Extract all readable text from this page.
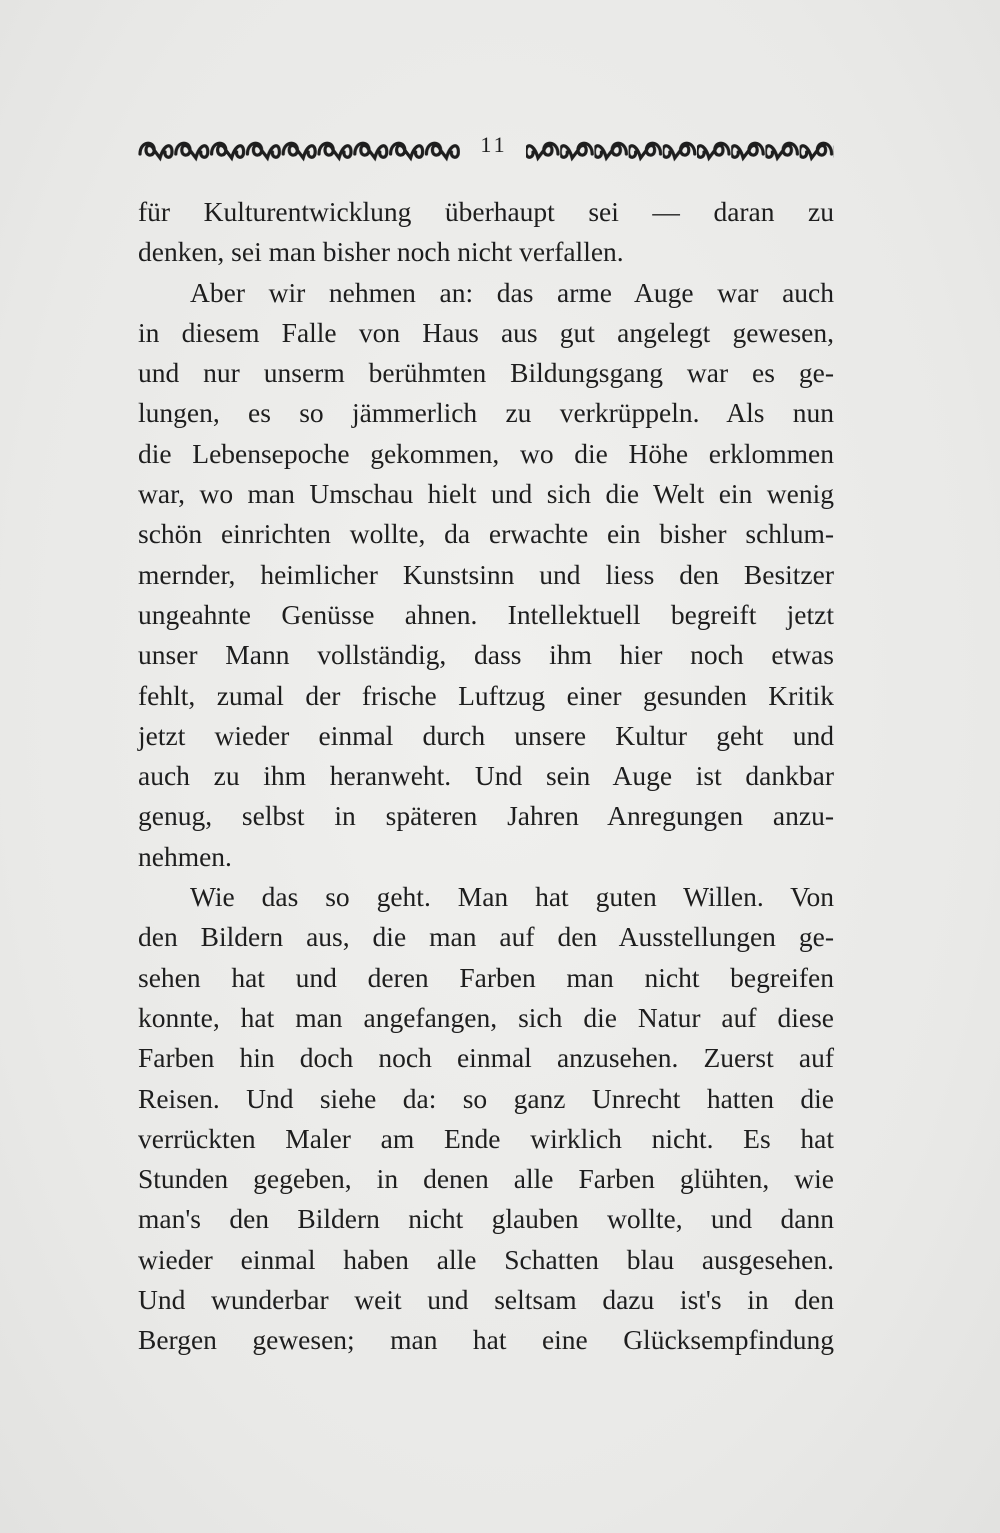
11
für Kulturentwicklung überhaupt sei — daran zu
denken, sei man bisher noch nicht verfallen.
Aber wir nehmen an: das arme Auge war auch
in diesem Falle von Haus aus gut angelegt gewesen,
und nur unserm berühmten Bildungsgang war es ge-
lungen, es so jämmerlich zu verkrüppeln. Als nun
die Lebensepoche gekommen, wo die Höhe erklommen
war, wo man Umschau hielt und sich die Welt ein wenig
schön einrichten wollte, da erwachte ein bisher schlum-
mernder, heimlicher Kunstsinn und liess den Besitzer
ungeahnte Genüsse ahnen. Intellektuell begreift jetzt
unser Mann vollständig, dass ihm hier noch etwas
fehlt, zumal der frische Luftzug einer gesunden Kritik
jetzt wieder einmal durch unsere Kultur geht und
auch zu ihm heranweht. Und sein Auge ist dankbar
genug, selbst in späteren Jahren Anregungen anzu-
nehmen.
Wie das so geht. Man hat guten Willen. Von
den Bildern aus, die man auf den Ausstellungen ge-
sehen hat und deren Farben man nicht begreifen
konnte, hat man angefangen, sich die Natur auf diese
Farben hin doch noch einmal anzusehen. Zuerst auf
Reisen. Und siehe da: so ganz Unrecht hatten die
verrückten Maler am Ende wirklich nicht. Es hat
Stunden gegeben, in denen alle Farben glühten, wie
man's den Bildern nicht glauben wollte, und dann
wieder einmal haben alle Schatten blau ausgesehen.
Und wunderbar weit und seltsam dazu ist's in den
Bergen gewesen; man hat eine Glücksempfindung
